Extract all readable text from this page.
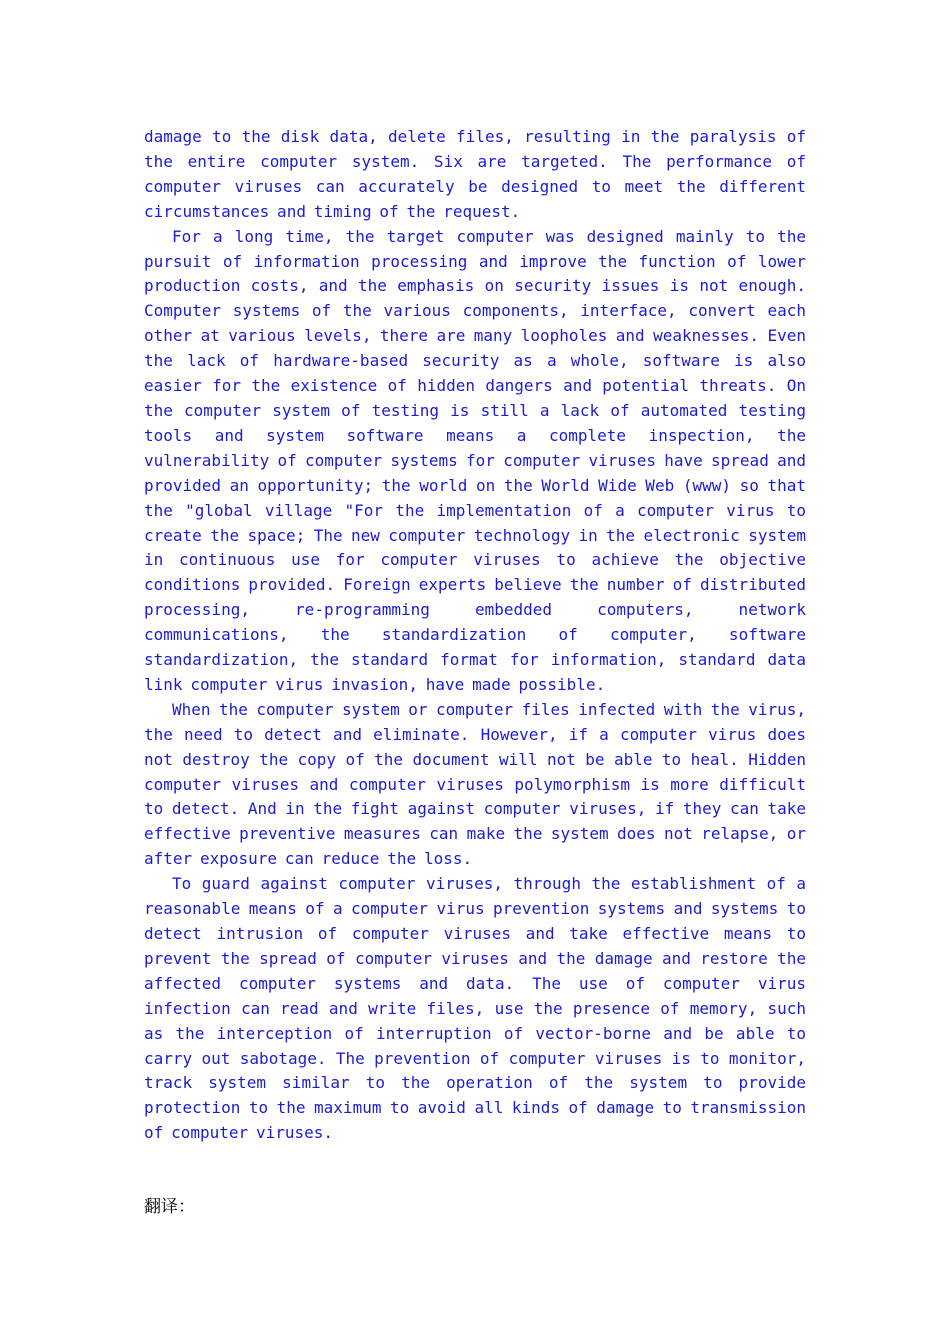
damage to the disk data, delete files, resulting in the paralysis of the entire computer system. Six are targeted. The performance of computer viruses can accurately be designed to meet the different circumstances and timing of the request.

For a long time, the target computer was designed mainly to the pursuit of information processing and improve the function of lower production costs, and the emphasis on security issues is not enough. Computer systems of the various components, interface, convert each other at various levels, there are many loopholes and weaknesses. Even the lack of hardware-based security as a whole, software is also easier for the existence of hidden dangers and potential threats. On the computer system of testing is still a lack of automated testing tools and system software means a complete inspection, the vulnerability of computer systems for computer viruses have spread and provided an opportunity; the world on the World Wide Web (www) so that the "global village "For the implementation of a computer virus to create the space; The new computer technology in the electronic system in continuous use for computer viruses to achieve the objective conditions provided. Foreign experts believe the number of distributed processing, re-programming embedded computers, network communications, the standardization of computer, software standardization, the standard format for information, standard data link computer virus invasion, have made possible.

When the computer system or computer files infected with the virus, the need to detect and eliminate. However, if a computer virus does not destroy the copy of the document will not be able to heal. Hidden computer viruses and computer viruses polymorphism is more difficult to detect. And in the fight against computer viruses, if they can take effective preventive measures can make the system does not relapse, or after exposure can reduce the loss.

To guard against computer viruses, through the establishment of a reasonable means of a computer virus prevention systems and systems to detect intrusion of computer viruses and take effective means to prevent the spread of computer viruses and the damage and restore the affected computer systems and data. The use of computer virus infection can read and write files, use the presence of memory, such as the interception of interruption of vector-borne and be able to carry out sabotage. The prevention of computer viruses is to monitor, track system similar to the operation of the system to provide protection to the maximum to avoid all kinds of damage to transmission of computer viruses.

翻译：
